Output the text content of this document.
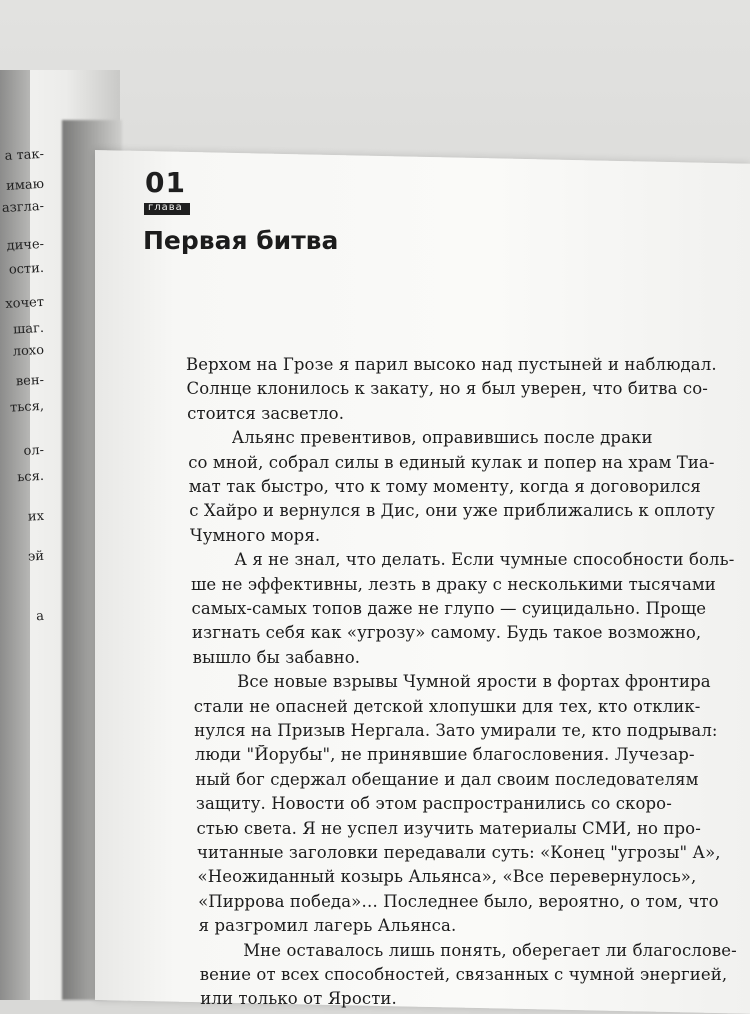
а так-
имаю
азгла-
диче-
ости.
хочет
шаг.
лохо
вен-
ться,
ол-
ься.
их
эй
а
01
глава
Первая битва
Верхом на Грозе я парил высоко над пустыней и наблюдал.
Солнце клонилось к закату, но я был уверен, что битва со-
стоится засветло.
Альянс превентивов, оправившись после драки
со мной, собрал силы в единый кулак и попер на храм Тиа-
мат так быстро, что к тому моменту, когда я договорился
с Хайро и вернулся в Дис, они уже приближались к оплоту
Чумного моря.
А я не знал, что делать. Если чумные способности боль-
ше не эффективны, лезть в драку с несколькими тысячами
самых-самых топов даже не глупо — суицидально. Проще
изгнать себя как «угрозу» самому. Будь такое возможно,
вышло бы забавно.
Все новые взрывы Чумной ярости в фортах фронтира
стали не опасней детской хлопушки для тех, кто отклик-
нулся на Призыв Нергала. Зато умирали те, кто подрывал:
люди "Йорубы", не принявшие благословения. Лучезар-
ный бог сдержал обещание и дал своим последователям
защиту. Новости об этом распространились со скоро-
стью света. Я не успел изучить материалы СМИ, но про-
читанные заголовки передавали суть: «Конец "угрозы" А»,
«Неожиданный козырь Альянса», «Все перевернулось»,
«Пиррова победа»… Последнее было, вероятно, о том, что
я разгромил лагерь Альянса.
Мне оставалось лишь понять, оберегает ли благослове-
вение от всех способностей, связанных с чумной энергией,
или только от Ярости.
